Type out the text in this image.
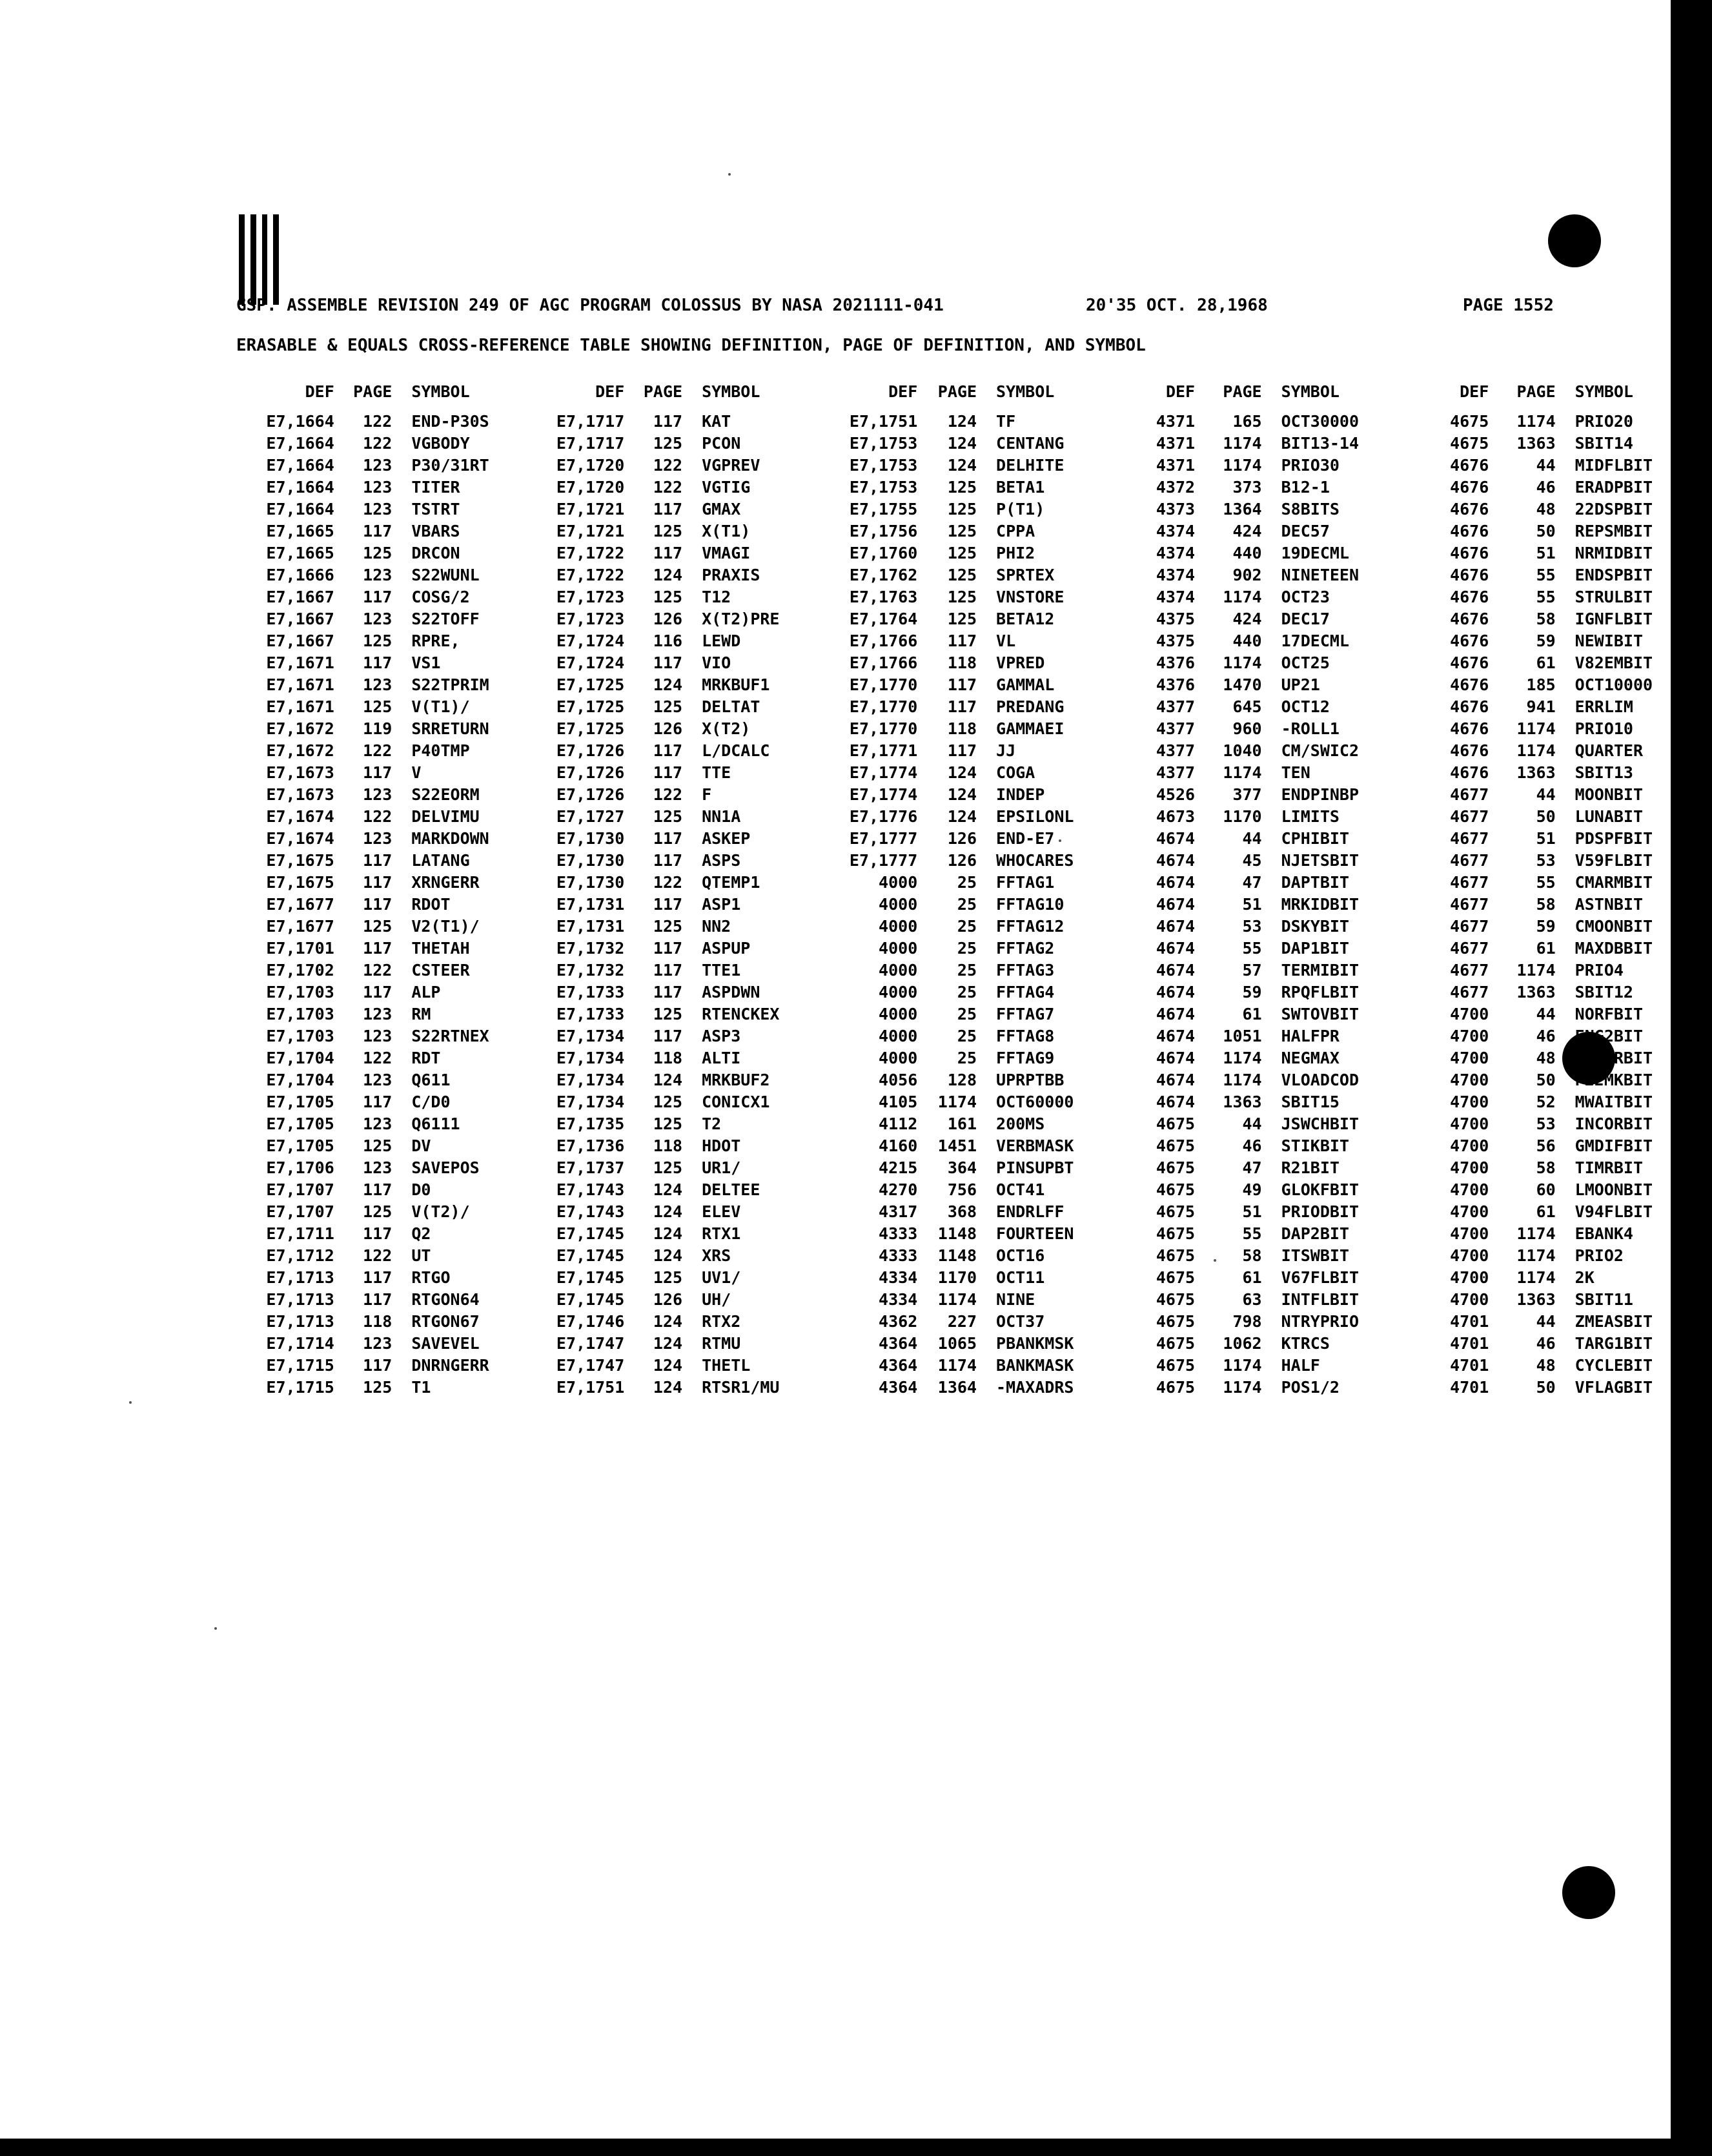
GSP. ASSEMBLE REVISION 249 OF AGC PROGRAM COLOSSUS BY NASA 2021111-041

	20'35 OCT. 28,1968

	PAGE 1552

ERASABLE & EQUALS CROSS-REFERENCE TABLE SHOWING DEFINITION, PAGE OF DEFINITION, AND SYMBOL
DEF	PAGE	SYMBOL
E7,1664	122	END-P30S
E7,1664	122	VGBODY
E7,1664	123	P30/31RT
E7,1664	123	TITER
E7,1664	123	TSTRT
E7,1665	117	VBARS
E7,1665	125	DRCON
E7,1666	123	S22WUNL
E7,1667	117	COSG/2
E7,1667	123	S22TOFF
E7,1667	125	RPRE,
E7,1671	117	VS1
E7,1671	123	S22TPRIM
E7,1671	125	V(T1)/
E7,1672	119	SRRETURN
E7,1672	122	P40TMP
E7,1673	117	V
E7,1673	123	S22EORM
E7,1674	122	DELVIMU
E7,1674	123	MARKDOWN
E7,1675	117	LATANG
E7,1675	117	XRNGERR
E7,1677	117	RDOT
E7,1677	125	V2(T1)/
E7,1701	117	THETAH
E7,1702	122	CSTEER
E7,1703	117	ALP
E7,1703	123	RM
E7,1703	123	S22RTNEX
E7,1704	122	RDT
E7,1704	123	Q611
E7,1705	117	C/D0
E7,1705	123	Q6111
E7,1705	125	DV
E7,1706	123	SAVEPOS
E7,1707	117	D0
E7,1707	125	V(T2)/
E7,1711	117	Q2
E7,1712	122	UT
E7,1713	117	RTGO
E7,1713	117	RTGON64
E7,1713	118	RTGON67
E7,1714	123	SAVEVEL
E7,1715	117	DNRNGERR
E7,1715	125	T1
DEF	PAGE	SYMBOL
E7,1717	117	KAT
E7,1717	125	PCON
E7,1720	122	VGPREV
E7,1720	122	VGTIG
E7,1721	117	GMAX
E7,1721	125	X(T1)
E7,1722	117	VMAGI
E7,1722	124	PRAXIS
E7,1723	125	T12
E7,1723	126	X(T2)PRE
E7,1724	116	LEWD
E7,1724	117	VIO
E7,1725	124	MRKBUF1
E7,1725	125	DELTAT
E7,1725	126	X(T2)
E7,1726	117	L/DCALC
E7,1726	117	TTE
E7,1726	122	F
E7,1727	125	NN1A
E7,1730	117	ASKEP
E7,1730	117	ASPS
E7,1730	122	QTEMP1
E7,1731	117	ASP1
E7,1731	125	NN2
E7,1732	117	ASPUP
E7,1732	117	TTE1
E7,1733	117	ASPDWN
E7,1733	125	RTENCKEX
E7,1734	117	ASP3
E7,1734	118	ALTI
E7,1734	124	MRKBUF2
E7,1734	125	CONICX1
E7,1735	125	T2
E7,1736	118	HDOT
E7,1737	125	UR1/
E7,1743	124	DELTEE
E7,1743	124	ELEV
E7,1745	124	RTX1
E7,1745	124	XRS
E7,1745	125	UV1/
E7,1745	126	UH/
E7,1746	124	RTX2
E7,1747	124	RTMU
E7,1747	124	THETL
E7,1751	124	RTSR1/MU
DEF	PAGE	SYMBOL
E7,1751	124	TF
E7,1753	124	CENTANG
E7,1753	124	DELHITE
E7,1753	125	BETA1
E7,1755	125	P(T1)
E7,1756	125	CPPA
E7,1760	125	PHI2
E7,1762	125	SPRTEX
E7,1763	125	VNSTORE
E7,1764	125	BETA12
E7,1766	117	VL
E7,1766	118	VPRED
E7,1770	117	GAMMAL
E7,1770	117	PREDANG
E7,1770	118	GAMMAEI
E7,1771	117	JJ
E7,1774	124	COGA
E7,1774	124	INDEP
E7,1776	124	EPSILONL
E7,1777	126	END-E7
E7,1777	126	WHOCARES
4000	25	FFTAG1
4000	25	FFTAG10
4000	25	FFTAG12
4000	25	FFTAG2
4000	25	FFTAG3
4000	25	FFTAG4
4000	25	FFTAG7
4000	25	FFTAG8
4000	25	FFTAG9
4056	128	UPRPTBB
4105	1174	OCT60000
4112	161	200MS
4160	1451	VERBMASK
4215	364	PINSUPBT
4270	756	OCT41
4317	368	ENDRLFF
4333	1148	FOURTEEN
4333	1148	OCT16
4334	1170	OCT11
4334	1174	NINE
4362	227	OCT37
4364	1065	PBANKMSK
4364	1174	BANKMASK
4364	1364	-MAXADRS
DEF	PAGE	SYMBOL
4371	165	OCT30000
4371	1174	BIT13-14
4371	1174	PRIO30
4372	373	B12-1
4373	1364	S8BITS
4374	424	DEC57
4374	440	19DECML
4374	902	NINETEEN
4374	1174	OCT23
4375	424	DEC17
4375	440	17DECML
4376	1174	OCT25
4376	1470	UP21
4377	645	OCT12
4377	960	-ROLL1
4377	1040	CM/SWIC2
4377	1174	TEN
4526	377	ENDPINBP
4673	1170	LIMITS
4674	44	CPHIBIT
4674	45	NJETSBIT
4674	47	DAPTBIT
4674	51	MRKIDBIT
4674	53	DSKYBIT
4674	55	DAP1BIT
4674	57	TERMIBIT
4674	59	RPQFLBIT
4674	61	SWTOVBIT
4674	1051	HALFPR
4674	1174	NEGMAX
4674	1174	VLOADCOD
4674	1363	SBIT15
4675	44	JSWCHBIT
4675	46	STIKBIT
4675	47	R21BIT
4675	49	GLOKFBIT
4675	51	PRIODBIT
4675	55	DAP2BIT
4675	58	ITSWBIT
4675	61	V67FLBIT
4675	63	INTFLBIT
4675	798	NTRYPRIO
4675	1062	KTRCS
4675	1174	HALF
4675	1174	POS1/2
DEF	PAGE	SYMBOL
4675	1174	PRIO20
4675	1363	SBIT14
4676	44	MIDFLBIT
4676	46	ERADPBIT
4676	48	22DSPBIT
4676	50	REPSMBIT
4676	51	NRMIDBIT
4676	55	ENDSPBIT
4676	55	STRULBIT
4676	58	IGNFLBIT
4676	59	NEWIBIT
4676	61	V82EMBIT
4676	185	OCT10000
4676	941	ERRLIM
4676	1174	PRIO10
4676	1174	QUARTER
4676	1363	SBIT13
4677	44	MOONBIT
4677	50	LUNABIT
4677	51	PDSPFBIT
4677	53	V59FLBIT
4677	55	CMARMBIT
4677	58	ASTNBIT
4677	59	CMOONBIT
4677	61	MAXDBBIT
4677	1174	PRIO4
4677	1363	SBIT12
4700	44	NORFBIT
4700	46	ENG2BIT
4700	48	STEERBIT
4700	50	P22MKBIT
4700	52	MWAITBIT
4700	53	INCORBIT
4700	56	GMDIFBIT
4700	58	TIMRBIT
4700	60	LMOONBIT
4700	61	V94FLBIT
4700	1174	EBANK4
4700	1174	PRIO2
4700	1174	2K
4700	1363	SBIT11
4701	44	ZMEASBIT
4701	46	TARG1BIT
4701	48	CYCLEBIT
4701	50	VFLAGBIT
